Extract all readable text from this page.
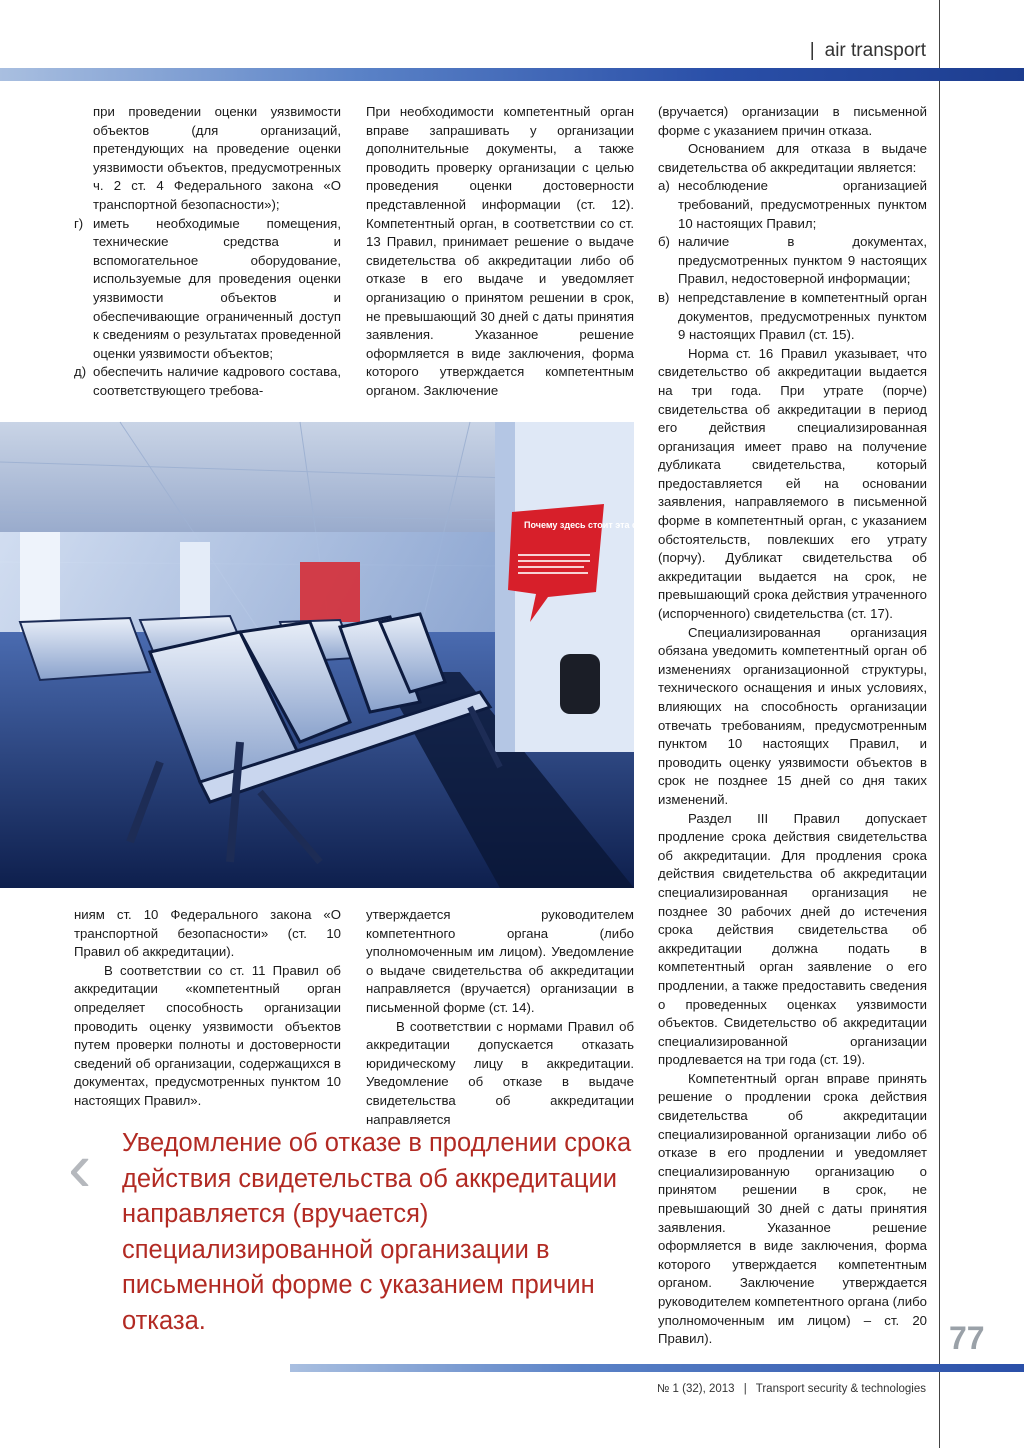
| air transport

при проведении оценки уязвимости объектов (для организаций, претендующих на проведение оценки уязвимости объектов, предусмотренных ч. 2 ст. 4 Федерального закона «О транспортной безопасности»);

г) иметь необходимые помещения, технические средства и вспомогательное оборудование, используемые для проведения оценки уязвимости объектов и обеспечивающие ограниченный доступ к сведениям о результатах проведенной оценки уязвимости объектов;
д) обеспечить наличие кадрового состава, соответствующего требова-

При необходимости компетентный орган вправе запрашивать у организации дополнительные документы, а также проводить проверку организации с целью проведения оценки достоверности представленной информации (ст. 12). Компетентный орган, в соответствии со ст. 13 Правил, принимает решение о выдаче свидетельства об аккредитации либо об отказе в его выдаче и уведомляет организацию о принятом решении в срок, не превышающий 30 дней с даты принятия заявления. Указанное решение оформляется в виде заключения, форма которого утверждается компетентным органом. Заключение

Почему здесь стоит эта сумка?

ниям ст. 10 Федерального закона «О транспортной безопасности» (ст. 10 Правил об аккредитации).

В соответствии со ст. 11 Правил об аккредитации «компетентный орган определяет способность организации проводить оценку уязвимости объектов путем проверки полноты и достоверности сведений об организации, содержащихся в документах, предусмотренных пунктом 10 настоящих Правил».

утверждается руководителем компетентного органа (либо уполномоченным им лицом). Уведомление о выдаче свидетельства об аккредитации направляется (вручается) организации в письменной форме (ст. 14).

В соответствии с нормами Правил об аккредитации допускается отказать юридическому лицу в аккредитации. Уведомление об отказе в выдаче свидетельства об аккредитации направляется

(вручается) организации в письменной форме с указанием причин отказа.

Основанием для отказа в выдаче свидетельства об аккредитации является:

а) несоблюдение организацией требований, предусмотренных пунктом 10 настоящих Правил;
б) наличие в документах, предусмотренных пунктом 9 настоящих Правил, недостоверной информации;
в) непредставление в компетентный орган документов, предусмотренных пунктом 9 настоящих Правил (ст. 15).

Норма ст. 16 Правил указывает, что свидетельство об аккредитации выдается на три года. При утрате (порче) свидетельства об аккредитации в период его действия специализированная организация имеет право на получение дубликата свидетельства, который предоставляется ей на основании заявления, направляемого в письменной форме в компетентный орган, с указанием обстоятельств, повлекших его утрату (порчу). Дубликат свидетельства об аккредитации выдается на срок, не превышающий срока действия утраченного (испорченного) свидетельства (ст. 17).

Специализированная организация обязана уведомить компетентный орган об изменениях организационной структуры, технического оснащения и иных условиях, влияющих на способность организации отвечать требованиям, предусмотренным пунктом 10 настоящих Правил, и проводить оценку уязвимости объектов в срок не позднее 15 дней со дня таких изменений.

Раздел III Правил допускает продление срока действия свидетельства об аккредитации. Для продления срока действия свидетельства об аккредитации специализированная организация не позднее 30 рабочих дней до истечения срока действия свидетельства об аккредитации должна подать в компетентный орган заявление о его продлении, а также предоставить сведения о проведенных оценках уязвимости объектов. Свидетельство об аккредитации специализированной организации продлевается на три года (ст. 19).

Компетентный орган вправе принять решение о продлении срока действия свидетельства об аккредитации специализированной организации либо об отказе в его продлении и уведомляет специализированную организацию о принятом решении в срок, не превышающий 30 дней с даты принятия заявления. Указанное решение оформляется в виде заключения, форма которого утверждается компетентным органом. Заключение утверждается руководителем компетентного органа (либо уполномоченным им лицом) – ст. 20 Правил).

‹ Уведомление об отказе в продлении срока действия свидетельства об аккредитации направляется (вручается) специализированной организации в письменной форме с указанием причин отказа.	77
№ 1 (32), 2013 | Transport security & technologies
